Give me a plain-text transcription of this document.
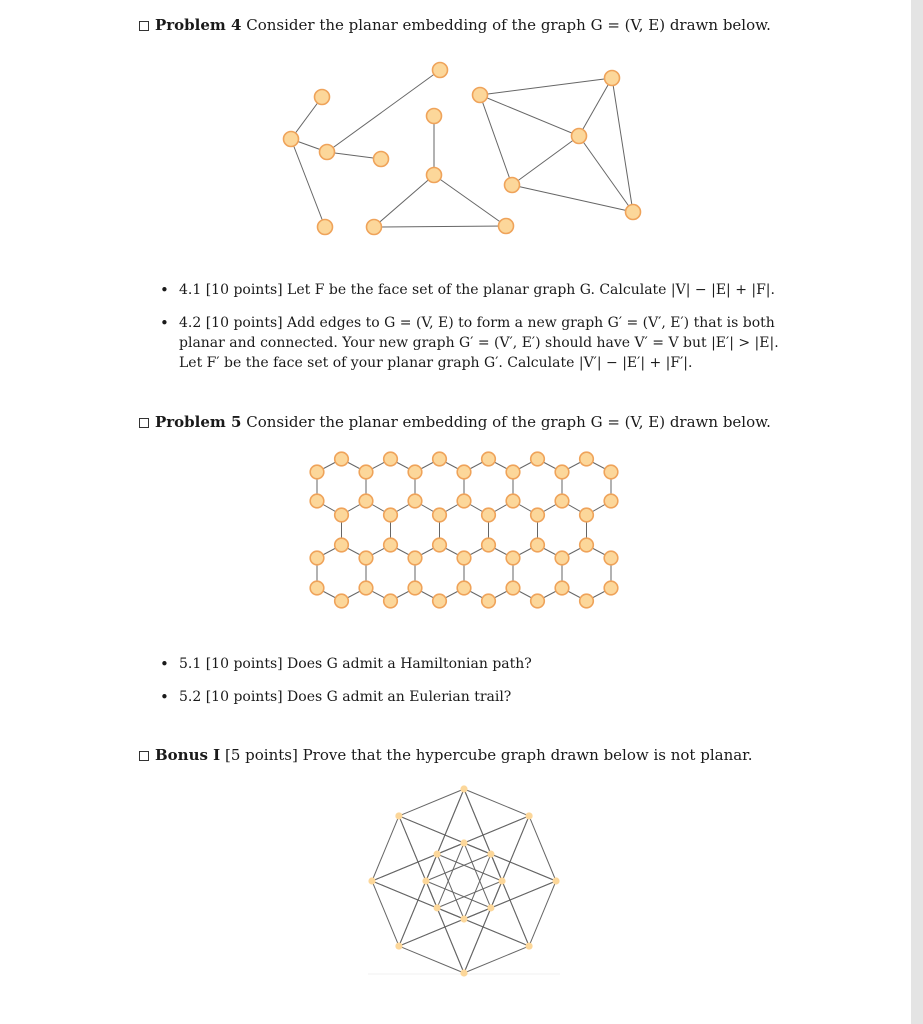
Problem 4 Consider the planar embedding of the graph G = (V, E) drawn below.
• 4.1 [10 points] Let F be the face set of the planar graph G. Calculate |V| − |E| + |F|.
• 4.2 [10 points] Add edges to G = (V, E) to form a new graph G′ = (V′, E′) that is both planar and connected. Your new graph G′ = (V′, E′) should have V′ = V but |E′| > |E|. Let F′ be the face set of your planar graph G′. Calculate |V′| − |E′| + |F′|.
Problem 5 Consider the planar embedding of the graph G = (V, E) drawn below.
• 5.1 [10 points] Does G admit a Hamiltonian path?
• 5.2 [10 points] Does G admit an Eulerian trail?
Bonus I [5 points] Prove that the hypercube graph drawn below is not planar.
